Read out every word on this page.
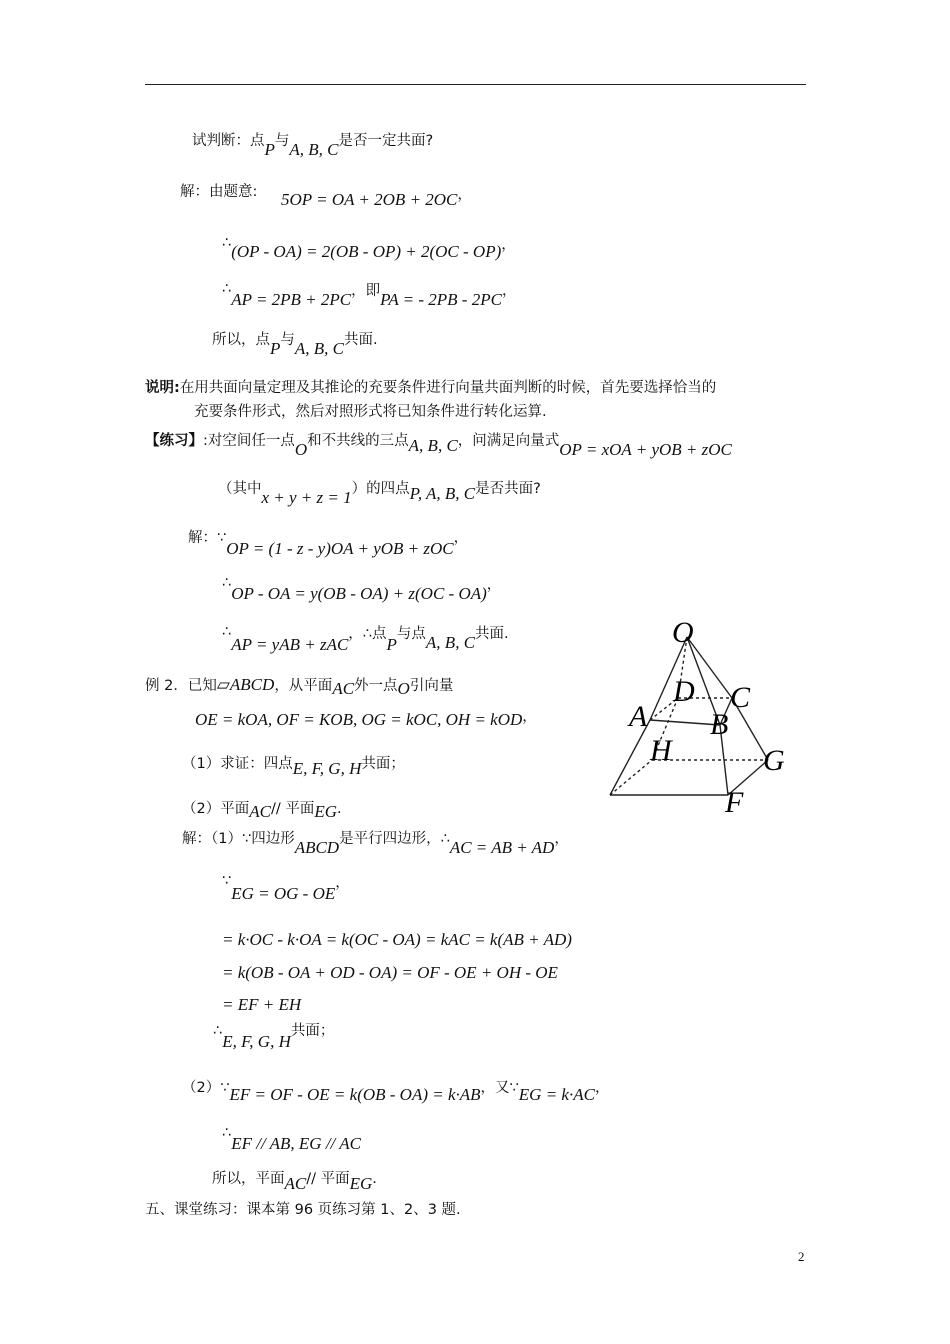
试判断：点P与A, B, C是否一定共面?
解：由题意: 5OP = OA + 2OB + 2OC，
∴(OP - OA) = 2(OB - OP) + 2(OC - OP)，
∴AP = 2PB + 2PC，即PA = - 2PB - 2PC，
所以，点P与A, B, C共面.
说明:在用共面向量定理及其推论的充要条件进行向量共面判断的时候，首先要选择恰当的
充要条件形式，然后对照形式将已知条件进行转化运算.
【练习】:对空间任一点O和不共线的三点A, B, C，问满足向量式OP = xOA + yOB + zOC
（其中x + y + z = 1）的四点P, A, B, C是否共面?
解：∵OP = (1 - z - y)OA + yOB + zOC，
∴OP - OA = y(OB - OA) + z(OC - OA)，
∴AP = yAB + zAC，∴点P与点A, B, C共面.
例 2．已知▱ABCD，从平面AC外一点O引向量
OE = kOA, OF = KOB, OG = kOC, OH = kOD，
（1）求证：四点E, F, G, H共面；
（2）平面AC// 平面EG.
解：（1）∵四边形ABCD是平行四边形，∴AC = AB + AD，
∵EG = OG - OE，
= k·OC - k·OA = k(OC - OA) = kAC = k(AB + AD)
= k(OB - OA + OD - OA) = OF - OE + OH - OE
= EF + EH
∴E, F, G, H共面；
（2）∵EF = OF - OE = k(OB - OA) = k·AB，又∵EG = k·AC，
∴EF // AB, EG // AC
所以，平面AC// 平面EG.
五、课堂练习：课本第 96 页练习第 1、2、3 题.
O
D C
A B
H	G
F
2
